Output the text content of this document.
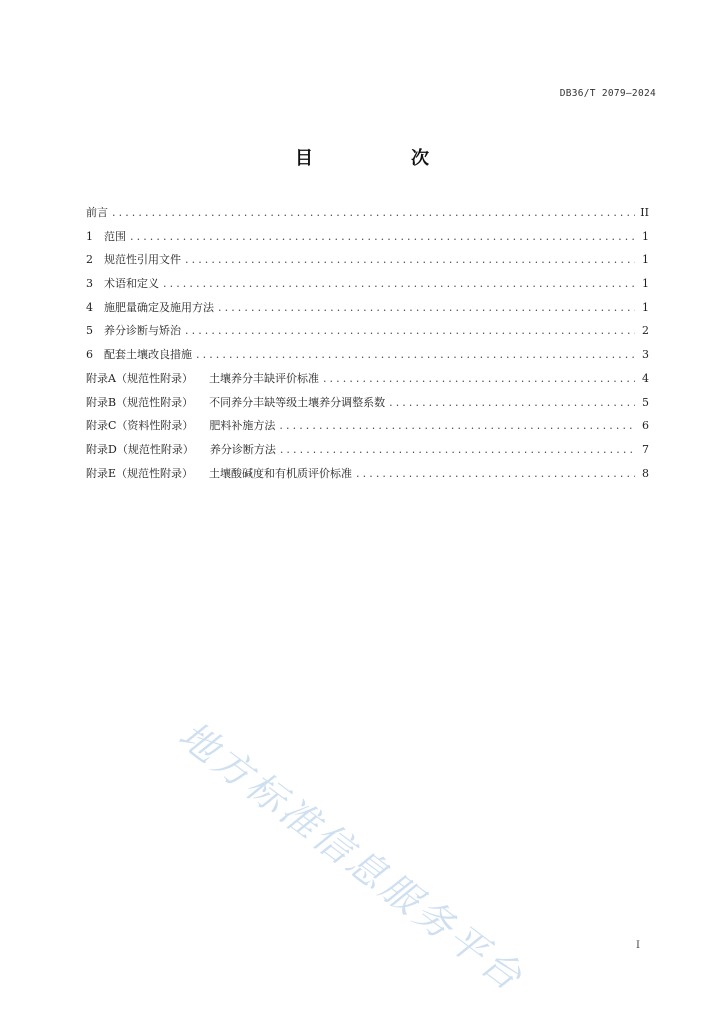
DB36/T 2079—2024
目　次
前言 .....	II
1	范围 .....	1
2	规范性引用文件 .....	1
3	术语和定义 .....	1
4	施肥量确定及施用方法 .....	1
5	养分诊断与矫治 .....	2
6	配套土壤改良措施 .....	3
附录A（规范性附录） 土壤养分丰缺评价标准 .....	4
附录B（规范性附录） 不同养分丰缺等级土壤养分调整系数 .....	5
附录C（资料性附录） 肥料补施方法 .....	6
附录D（规范性附录） 养分诊断方法 .....	7
附录E（规范性附录） 土壤酸碱度和有机质评价标准 .....	8
地方标准信息服务平台	I
